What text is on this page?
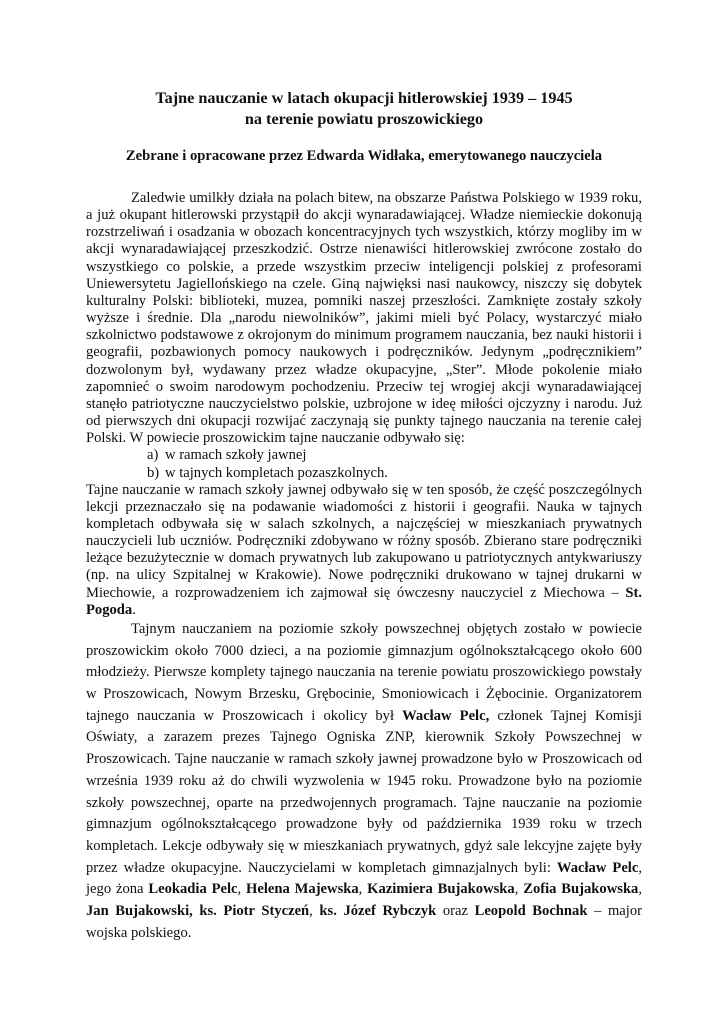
Tajne nauczanie w latach okupacji hitlerowskiej 1939 – 1945
na terenie powiatu proszowickiego
Zebrane i opracowane przez Edwarda Widłaka, emerytowanego nauczyciela

Zaledwie umilkły działa na polach bitew, na obszarze Państwa Polskiego w 1939 roku, a już okupant hitlerowski przystąpił do akcji wynaradawiającej. Władze niemieckie dokonują rozstrzeliwań i osadzania w obozach koncentracyjnych tych wszystkich, którzy mogliby im w akcji wynaradawiającej przeszkodzić. Ostrze nienawiści hitlerowskiej zwrócone zostało do wszystkiego co polskie, a przede wszystkim przeciw inteligencji polskiej z profesorami Uniewersytetu Jagiellońskiego na czele. Giną najwięksi nasi naukowcy, niszczy się dobytek kulturalny Polski: biblioteki, muzea, pomniki naszej przeszłości. Zamknięte zostały szkoły wyższe i średnie. Dla „narodu niewolników”, jakimi mieli być Polacy, wystarczyć miało szkolnictwo podstawowe z okrojonym do minimum programem nauczania, bez nauki historii i geografii, pozbawionych pomocy naukowych i podręczników. Jedynym „podręcznikiem” dozwolonym był, wydawany przez władze okupacyjne, „Ster”. Młode pokolenie miało zapomnieć o swoim narodowym pochodzeniu. Przeciw tej wrogiej akcji wynaradawiającej stanęło patriotyczne nauczycielstwo polskie, uzbrojone w ideę miłości ojczyzny i narodu. Już od pierwszych dni okupacji rozwijać zaczynają się punkty tajnego nauczania na terenie całej Polski. W powiecie proszowickim tajne nauczanie odbywało się:

a) w ramach szkoły jawnej
b) w tajnych kompletach pozaszkolnych.

Tajne nauczanie w ramach szkoły jawnej odbywało się w ten sposób, że część poszczególnych lekcji przeznaczało się na podawanie wiadomości z historii i geografii. Nauka w tajnych kompletach odbywała się w salach szkolnych, a najczęściej w mieszkaniach prywatnych nauczycieli lub uczniów. Podręczniki zdobywano w różny sposób. Zbierano stare podręczniki leżące bezużytecznie w domach prywatnych lub zakupowano u patriotycznych antykwariuszy (np. na ulicy Szpitalnej w Krakowie). Nowe podręczniki drukowano w tajnej drukarni w Miechowie, a rozprowadzeniem ich zajmował się ówczesny nauczyciel z Miechowa – St. Pogoda.

Tajnym nauczaniem na poziomie szkoły powszechnej objętych zostało w powiecie proszowickim około 7000 dzieci, a na poziomie gimnazjum ogólnokształcącego około 600 młodzieży. Pierwsze komplety tajnego nauczania na terenie powiatu proszowickiego powstały w Proszowicach, Nowym Brzesku, Grębocinie, Smoniowicach i Żębocinie. Organizatorem tajnego nauczania w Proszowicach i okolicy był Wacław Pelc, członek Tajnej Komisji Oświaty, a zarazem prezes Tajnego Ogniska ZNP, kierownik Szkoły Powszechnej w Proszowicach. Tajne nauczanie w ramach szkoły jawnej prowadzone było w Proszowicach od września 1939 roku aż do chwili wyzwolenia w 1945 roku. Prowadzone było na poziomie szkoły powszechnej, oparte na przedwojennych programach. Tajne nauczanie na poziomie gimnazjum ogólnokształcącego prowadzone były od października 1939 roku w trzech kompletach. Lekcje odbywały się w mieszkaniach prywatnych, gdyż sale lekcyjne zajęte były przez władze okupacyjne. Nauczycielami w kompletach gimnazjalnych byli: Wacław Pelc, jego żona Leokadia Pelc, Helena Majewska, Kazimiera Bujakowska, Zofia Bujakowska, Jan Bujakowski, ks. Piotr Styczeń, ks. Józef Rybczyk oraz Leopold Bochnak – major wojska polskiego.
